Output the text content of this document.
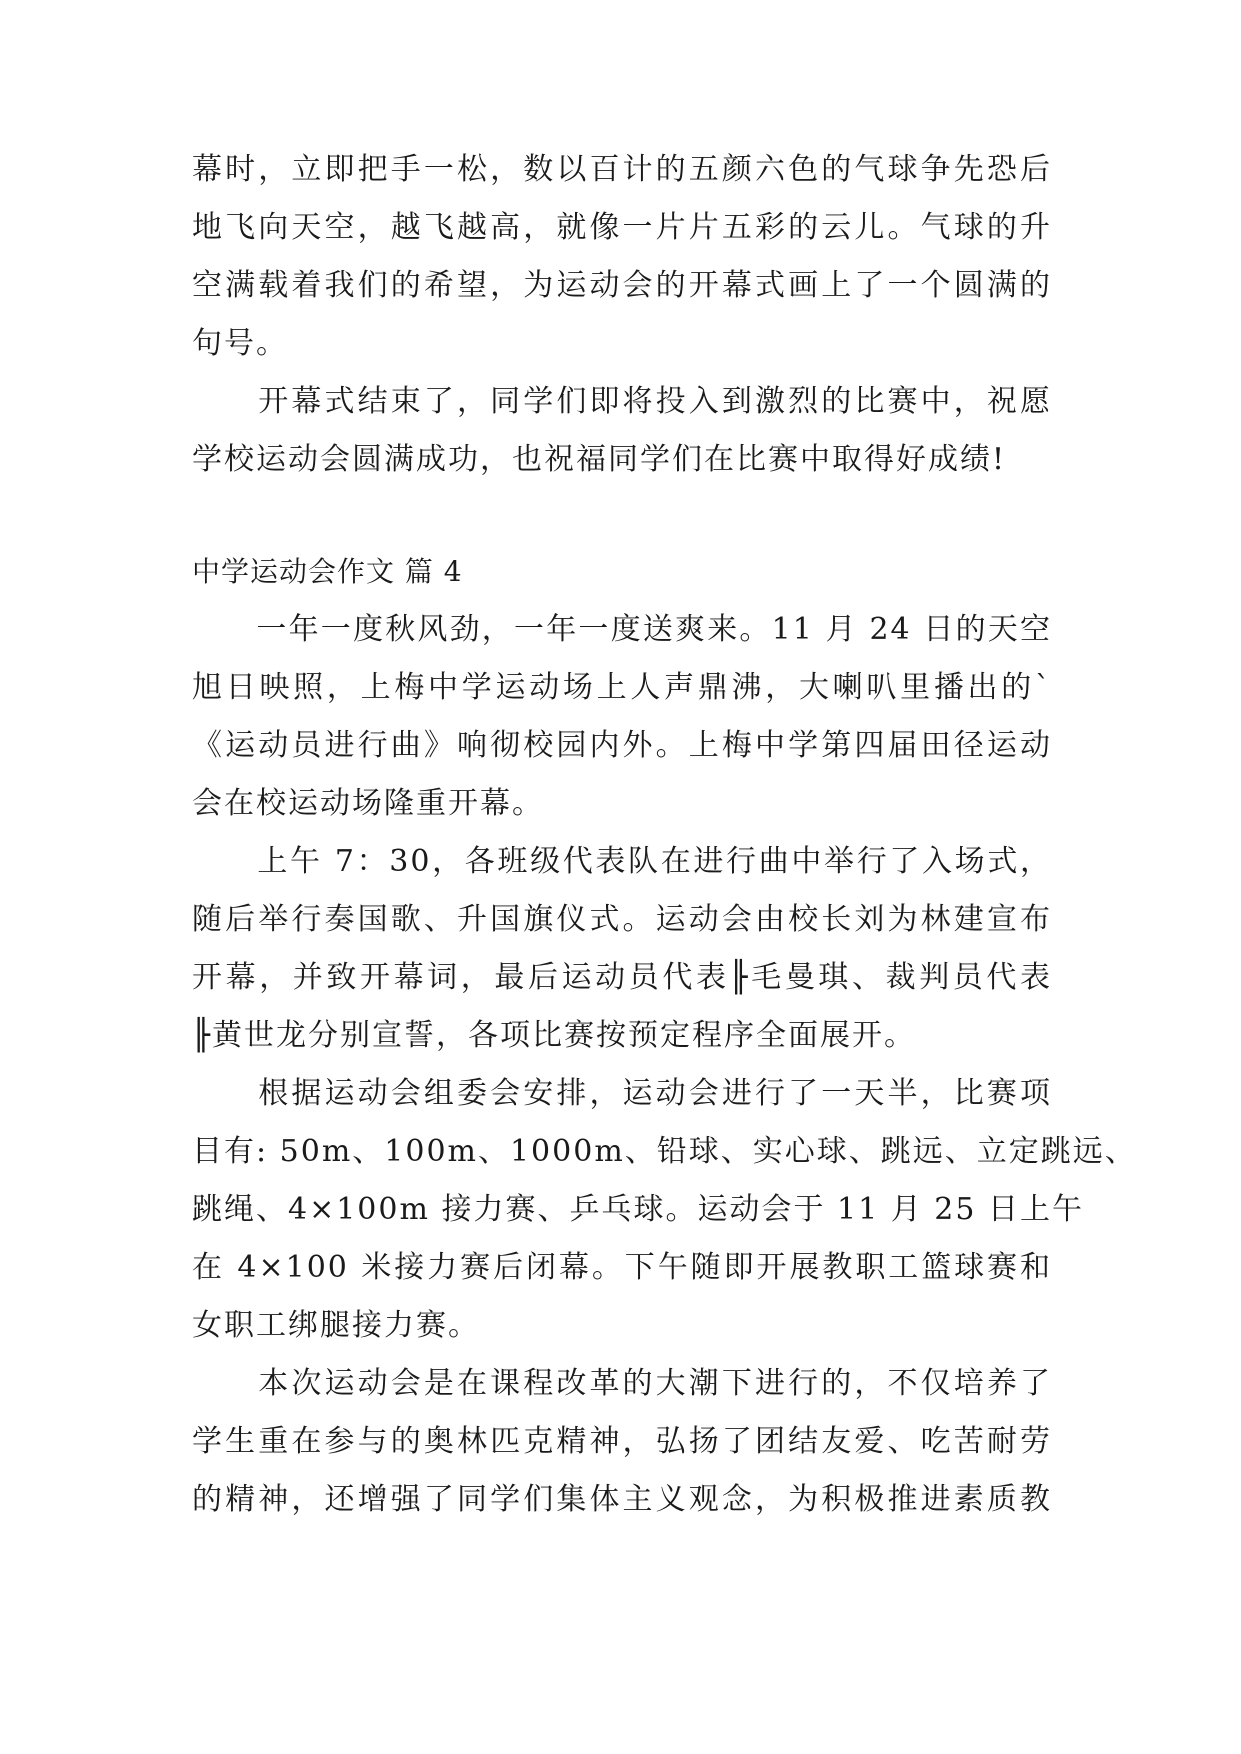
幕时，立即把手一松，数以百计的五颜六色的气球争先恐后
地飞向天空，越飞越高，就像一片片五彩的云儿。气球的升
空满载着我们的希望，为运动会的开幕式画上了一个圆满的
句号。
　　开幕式结束了，同学们即将投入到激烈的比赛中，祝愿
学校运动会圆满成功，也祝福同学们在比赛中取得好成绩!
中学运动会作文 篇 4
　　一年一度秋风劲，一年一度送爽来。11 月 24 日的天空
旭日映照，上梅中学运动场上人声鼎沸，大喇叭里播出的`
《运动员进行曲》响彻校园内外。上梅中学第四届田径运动
会在校运动场隆重开幕。
　　上午 7：30，各班级代表队在进行曲中举行了入场式，
随后举行奏国歌、升国旗仪式。运动会由校长刘为林建宣布
开幕，并致开幕词，最后运动员代表╟毛曼琪、裁判员代表
╟黄世龙分别宣誓，各项比赛按预定程序全面展开。
　　根据运动会组委会安排，运动会进行了一天半，比赛项
目有: 50m、100m、1000m、铅球、实心球、跳远、立定跳远、
跳绳、4×100m 接力赛、乒乓球。运动会于 11 月 25 日上午
在 4×100 米接力赛后闭幕。下午随即开展教职工篮球赛和
女职工绑腿接力赛。
　　本次运动会是在课程改革的大潮下进行的，不仅培养了
学生重在参与的奥林匹克精神，弘扬了团结友爱、吃苦耐劳
的精神，还增强了同学们集体主义观念，为积极推进素质教
